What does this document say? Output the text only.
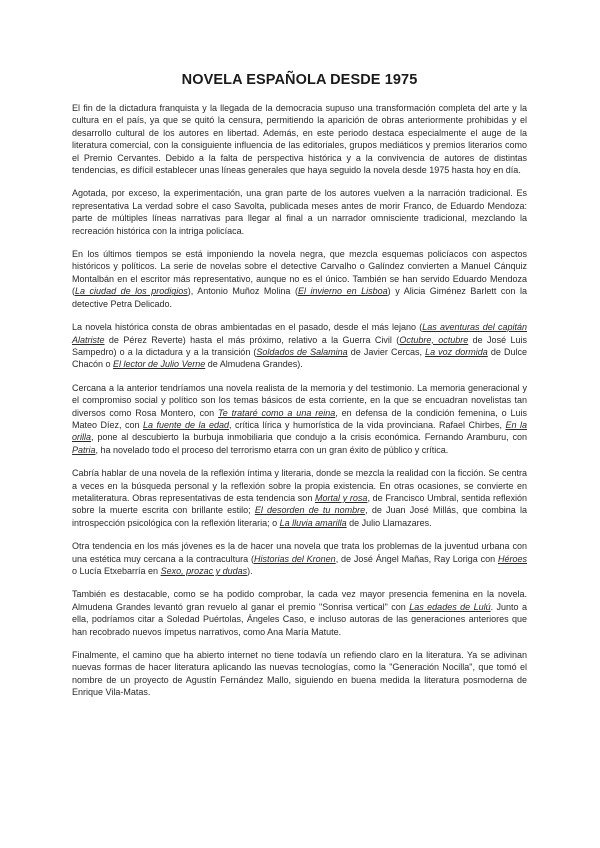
NOVELA ESPAÑOLA DESDE 1975

El fin de la dictadura franquista y la llegada de la democracia supuso una transformación completa del arte y la cultura en el país, ya que se quitó la censura, permitiendo la aparición de obras anteriormente prohibidas y el desarrollo cultural de los autores en libertad. Además, en este periodo destaca especialmente el auge de la literatura comercial, con la consiguiente influencia de las editoriales, grupos mediáticos y premios literarios como el Premio Cervantes. Debido a la falta de perspectiva histórica y a la convivencia de autores de distintas tendencias, es difícil establecer unas líneas generales que haya seguido la novela desde 1975 hasta hoy en día.

Agotada, por exceso, la experimentación, una gran parte de los autores vuelven a la narración tradicional. Es representativa La verdad sobre el caso Savolta, publicada meses antes de morir Franco, de Eduardo Mendoza: parte de múltiples líneas narrativas para llegar al final a un narrador omnisciente tradicional, mezclando la recreación histórica con la intriga policíaca.

En los últimos tiempos se está imponiendo la novela negra, que mezcla esquemas policíacos con aspectos históricos y políticos. La serie de novelas sobre el detective Carvalho o Galíndez convierten a Manuel Cánquiz Montalbán en el escritor más representativo, aunque no es el único. También se han servido Eduardo Mendoza (La ciudad de los prodigios), Antonio Muñoz Molina (El invierno en Lisboa) y Alicia Giménez Barlett con la detective Petra Delicado.

La novela histórica consta de obras ambientadas en el pasado, desde el más lejano (Las aventuras del capitán Alatriste de Pérez Reverte) hasta el más próximo, relativo a la Guerra Civil (Octubre, octubre de José Luis Sampedro) o a la dictadura y a la transición (Soldados de Salamina de Javier Cercas, La voz dormida de Dulce Chacón o El lector de Julio Verne de Almudena Grandes).

Cercana a la anterior tendríamos una novela realista de la memoria y del testimonio. La memoria generacional y el compromiso social y político son los temas básicos de esta corriente, en la que se encuadran novelistas tan diversos como Rosa Montero, con Te trataré como a una reina, en defensa de la condición femenina, o Luis Mateo Díez, con La fuente de la edad, crítica lírica y humorística de la vida provinciana. Rafael Chirbes, En la orilla, pone al descubierto la burbuja inmobiliaria que condujo a la crisis económica. Fernando Aramburu, con Patria, ha novelado todo el proceso del terrorismo etarra con un gran éxito de público y crítica.

Cabría hablar de una novela de la reflexión íntima y literaria, donde se mezcla la realidad con la ficción. Se centra a veces en la búsqueda personal y la reflexión sobre la propia existencia. En otras ocasiones, se convierte en metaliteratura. Obras representativas de esta tendencia son Mortal y rosa, de Francisco Umbral, sentida reflexión sobre la muerte escrita con brillante estilo; El desorden de tu nombre, de Juan José Millás, que combina la introspección psicológica con la reflexión literaria; o La lluvia amarilla de Julio Llamazares.

Otra tendencia en los más jóvenes es la de hacer una novela que trata los problemas de la juventud urbana con una estética muy cercana a la contracultura (Historias del Kronen, de José Ángel Mañas, Ray Loriga con Héroes o Lucía Etxebarría en Sexo, prozac y dudas).

También es destacable, como se ha podido comprobar, la cada vez mayor presencia femenina en la novela. Almudena Grandes levantó gran revuelo al ganar el premio "Sonrisa vertical" con Las edades de Lulú. Junto a ella, podríamos citar a Soledad Puértolas, Ángeles Caso, e incluso autoras de las generaciones anteriores que han recobrado nuevos ímpetus narrativos, como Ana María Matute.

Finalmente, el camino que ha abierto internet no tiene todavía un refiendo claro en la literatura. Ya se adivinan nuevas formas de hacer literatura aplicando las nuevas tecnologías, como la "Generación Nocilla", que tomó el nombre de un proyecto de Agustín Fernández Mallo, siguiendo en buena medida la literatura posmoderna de Enrique Vila-Matas.
